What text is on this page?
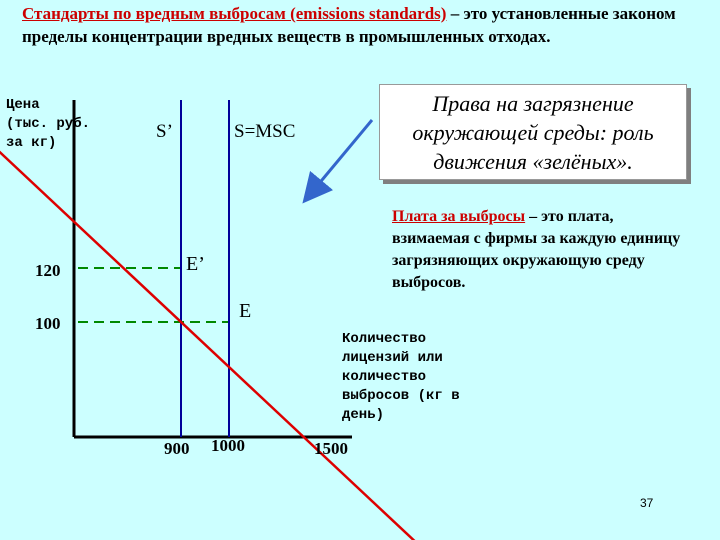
Стандарты по вредным выбросам (emissions standards) – это установленные законом пределы концентрации вредных веществ в промышленных отходах.
Цена
(тыс.
за кг)
Права на загрязнение
окружающей среды: роль
движения «зелёных».
Плата за выбросы – это плата, взимаемая с фирмы за каждую единицу загрязняющих окружающую среду выбросов.
Количество
лицензий или
количество
выбросов (кг в
день)
S’	S=MSC
E’
E
120
100
900 1000	1500
37
